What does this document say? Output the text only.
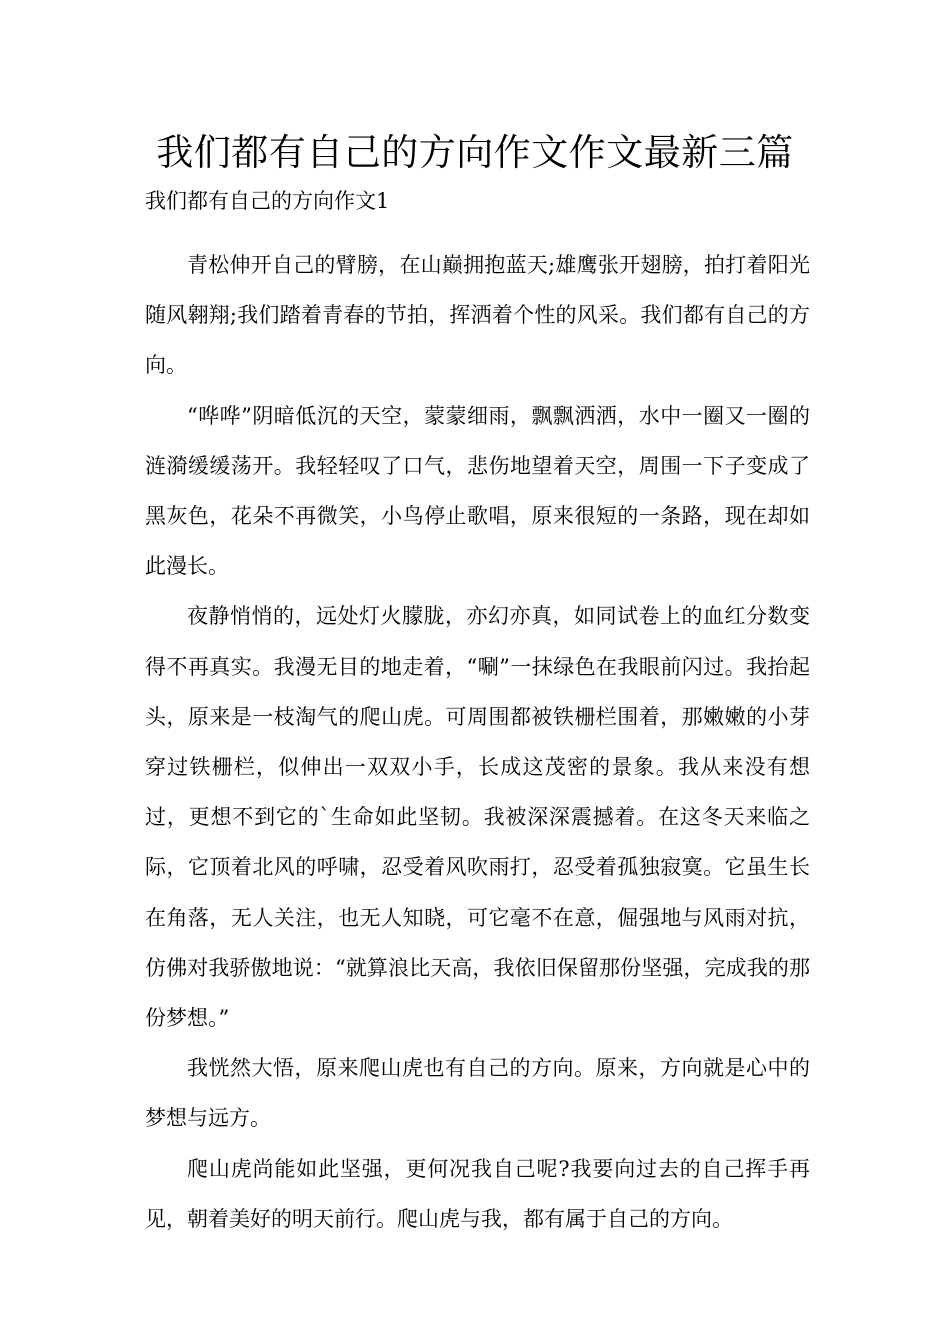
我们都有自己的方向作文作文最新三篇

我们都有自己的方向作文1

青松伸开自己的臂膀，在山巅拥抱蓝天;雄鹰张开翅膀，拍打着阳光随风翱翔;我们踏着青春的节拍，挥洒着个性的风采。我们都有自己的方向。

“哗哗”阴暗低沉的天空，蒙蒙细雨，飘飘洒洒，水中一圈又一圈的涟漪缓缓荡开。我轻轻叹了口气，悲伤地望着天空，周围一下子变成了黑灰色，花朵不再微笑，小鸟停止歌唱，原来很短的一条路，现在却如此漫长。

夜静悄悄的，远处灯火朦胧，亦幻亦真，如同试卷上的血红分数变得不再真实。我漫无目的地走着，“唰”一抹绿色在我眼前闪过。我抬起头，原来是一枝淘气的爬山虎。可周围都被铁栅栏围着，那嫩嫩的小芽穿过铁栅栏，似伸出一双双小手，长成这茂密的景象。我从来没有想过，更想不到它的`生命如此坚韧。我被深深震撼着。在这冬天来临之际，它顶着北风的呼啸，忍受着风吹雨打，忍受着孤独寂寞。它虽生长在角落，无人关注，也无人知晓，可它毫不在意，倔强地与风雨对抗，仿佛对我骄傲地说：“就算浪比天高，我依旧保留那份坚强，完成我的那份梦想。”

我恍然大悟，原来爬山虎也有自己的方向。原来，方向就是心中的梦想与远方。

爬山虎尚能如此坚强，更何况我自己呢?我要向过去的自己挥手再见，朝着美好的明天前行。爬山虎与我，都有属于自己的方向。
